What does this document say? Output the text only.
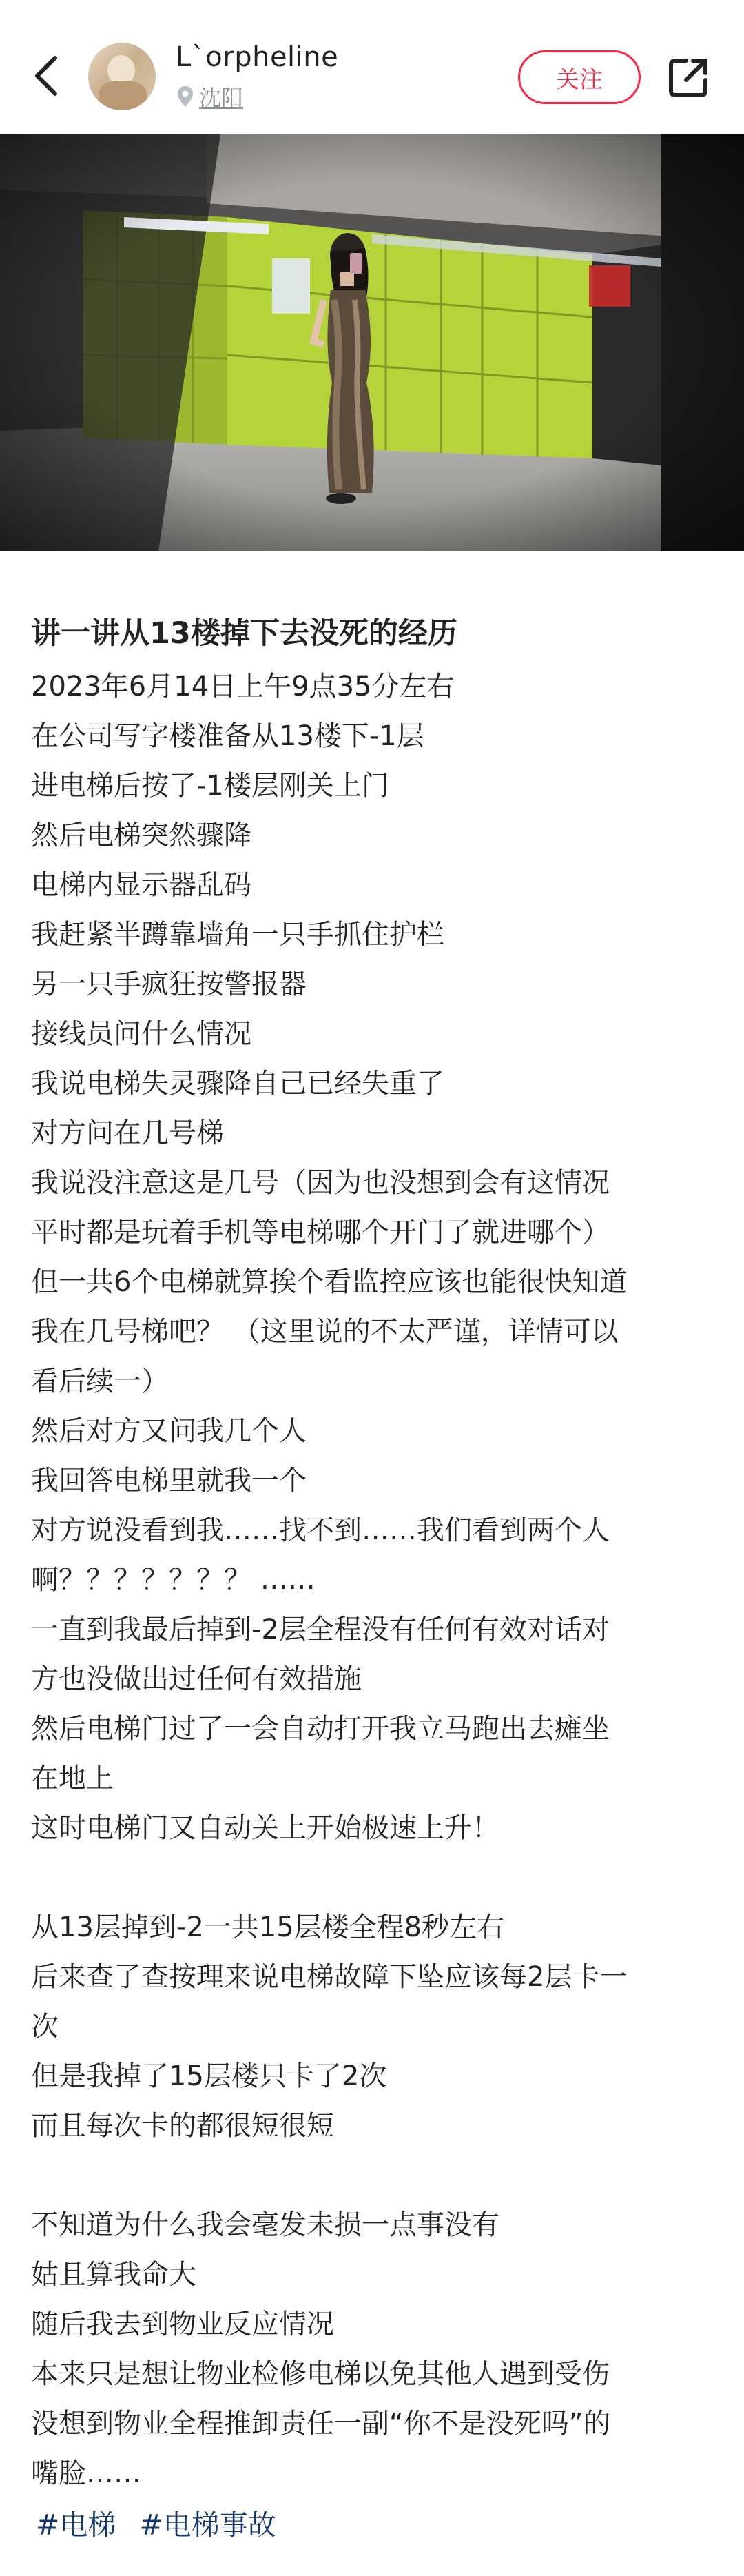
L`orpheline
沈阳
关注
讲一讲从13楼掉下去没死的经历
2023年6月14日上午9点35分左右
在公司写字楼准备从13楼下-1层
进电梯后按了-1楼层刚关上门
然后电梯突然骤降
电梯内显示器乱码
我赶紧半蹲靠墙角一只手抓住护栏
另一只手疯狂按警报器
接线员问什么情况
我说电梯失灵骤降自己已经失重了
对方问在几号梯
我说没注意这是几号（因为也没想到会有这情况
平时都是玩着手机等电梯哪个开门了就进哪个）
但一共6个电梯就算挨个看监控应该也能很快知道
我在几号梯吧？ （这里说的不太严谨，详情可以
看后续一）
然后对方又问我几个人
我回答电梯里就我一个
对方说没看到我……找不到……我们看到两个人
啊？？？？？？？ ……
一直到我最后掉到-2层全程没有任何有效对话对
方也没做出过任何有效措施
然后电梯门过了一会自动打开我立马跑出去瘫坐
在地上
这时电梯门又自动关上开始极速上升！
从13层掉到-2一共15层楼全程8秒左右
后来查了查按理来说电梯故障下坠应该每2层卡一
次
但是我掉了15层楼只卡了2次
而且每次卡的都很短很短
不知道为什么我会毫发未损一点事没有
姑且算我命大
随后我去到物业反应情况
本来只是想让物业检修电梯以免其他人遇到受伤
没想到物业全程推卸责任一副“你不是没死吗”的
嘴脸……
#电梯 #电梯事故
